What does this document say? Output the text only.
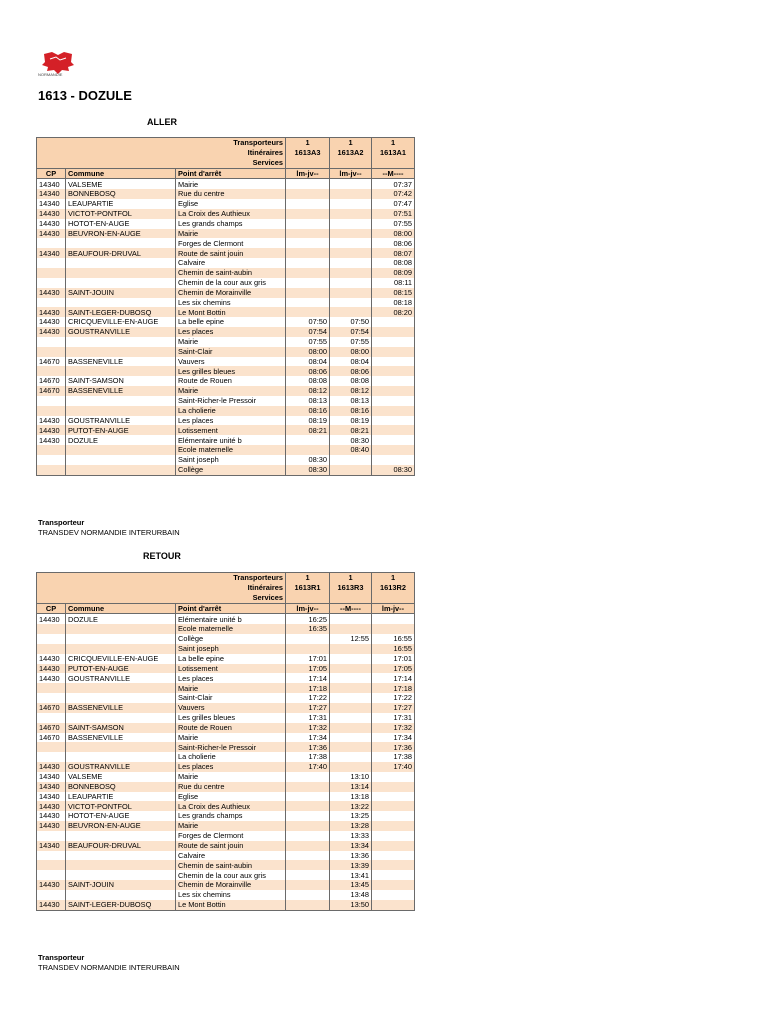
NORMANDIE
1613 - DOZULE
ALLER
Transporteurs			1	1	1
Itinéraires			1613A3	1613A2	1613A1
Services					
CP	Commune	Point d'arrêt	lm-jv--	lm-jv--	--M----
14340	VALSEME	Mairie			07:37
14340	BONNEBOSQ	Rue du centre			07:42
14340	LEAUPARTIE	Eglise			07:47
14430	VICTOT-PONTFOL	La Croix des Authieux			07:51
14430	HOTOT-EN-AUGE	Les grands champs			07:55
14430	BEUVRON-EN-AUGE	Mairie			08:00
		Forges de Clermont			08:06
14340	BEAUFOUR-DRUVAL	Route de saint jouin			08:07
		Calvaire			08:08
		Chemin de saint-aubin			08:09
		Chemin de la cour aux gris			08:11
14430	SAINT-JOUIN	Chemin de Morainville			08:15
		Les six chemins			08:18
14430	SAINT-LEGER-DUBOSQ	Le Mont Bottin			08:20
14430	CRICQUEVILLE-EN-AUGE	La belle epine	07:50	07:50	
14430	GOUSTRANVILLE	Les places	07:54	07:54	
		Mairie	07:55	07:55	
		Saint-Clair	08:00	08:00	
14670	BASSENEVILLE	Vauvers	08:04	08:04	
		Les grilles bleues	08:06	08:06	
14670	SAINT-SAMSON	Route de Rouen	08:08	08:08	
14670	BASSENEVILLE	Mairie	08:12	08:12	
		Saint-Richer-le Pressoir	08:13	08:13	
		La cholierie	08:16	08:16	
14430	GOUSTRANVILLE	Les places	08:19	08:19	
14430	PUTOT-EN-AUGE	Lotissement	08:21	08:21	
14430	DOZULE	Elémentaire unité b		08:30	
		Ecole maternelle		08:40	
		Saint joseph	08:30		
		Collège	08:30		08:30
Transporteur
TRANSDEV NORMANDIE INTERURBAIN
RETOUR
Transporteurs			1	1	1
Itinéraires			1613R1	1613R3	1613R2
Services					
CP	Commune	Point d'arrêt	lm-jv--	--M----	lm-jv--
14430	DOZULE	Elémentaire unité b	16:25		
		Ecole maternelle	16:35		
		Collège		12:55	16:55
		Saint joseph			16:55
14430	CRICQUEVILLE-EN-AUGE	La belle epine	17:01		17:01
14430	PUTOT-EN-AUGE	Lotissement	17:05		17:05
14430	GOUSTRANVILLE	Les places	17:14		17:14
		Mairie	17:18		17:18
		Saint-Clair	17:22		17:22
14670	BASSENEVILLE	Vauvers	17:27		17:27
		Les grilles bleues	17:31		17:31
14670	SAINT-SAMSON	Route de Rouen	17:32		17:32
14670	BASSENEVILLE	Mairie	17:34		17:34
		Saint-Richer-le Pressoir	17:36		17:36
		La cholierie	17:38		17:38
14430	GOUSTRANVILLE	Les places	17:40		17:40
14340	VALSEME	Mairie		13:10	
14340	BONNEBOSQ	Rue du centre		13:14	
14340	LEAUPARTIE	Eglise		13:18	
14430	VICTOT-PONTFOL	La Croix des Authieux		13:22	
14430	HOTOT-EN-AUGE	Les grands champs		13:25	
14430	BEUVRON-EN-AUGE	Mairie		13:28	
		Forges de Clermont		13:33	
14340	BEAUFOUR-DRUVAL	Route de saint jouin		13:34	
		Calvaire		13:36	
		Chemin de saint-aubin		13:39	
		Chemin de la cour aux gris		13:41	
14430	SAINT-JOUIN	Chemin de Morainville		13:45	
		Les six chemins		13:48	
14430	SAINT-LEGER-DUBOSQ	Le Mont Bottin		13:50	
Transporteur
TRANSDEV NORMANDIE INTERURBAIN
